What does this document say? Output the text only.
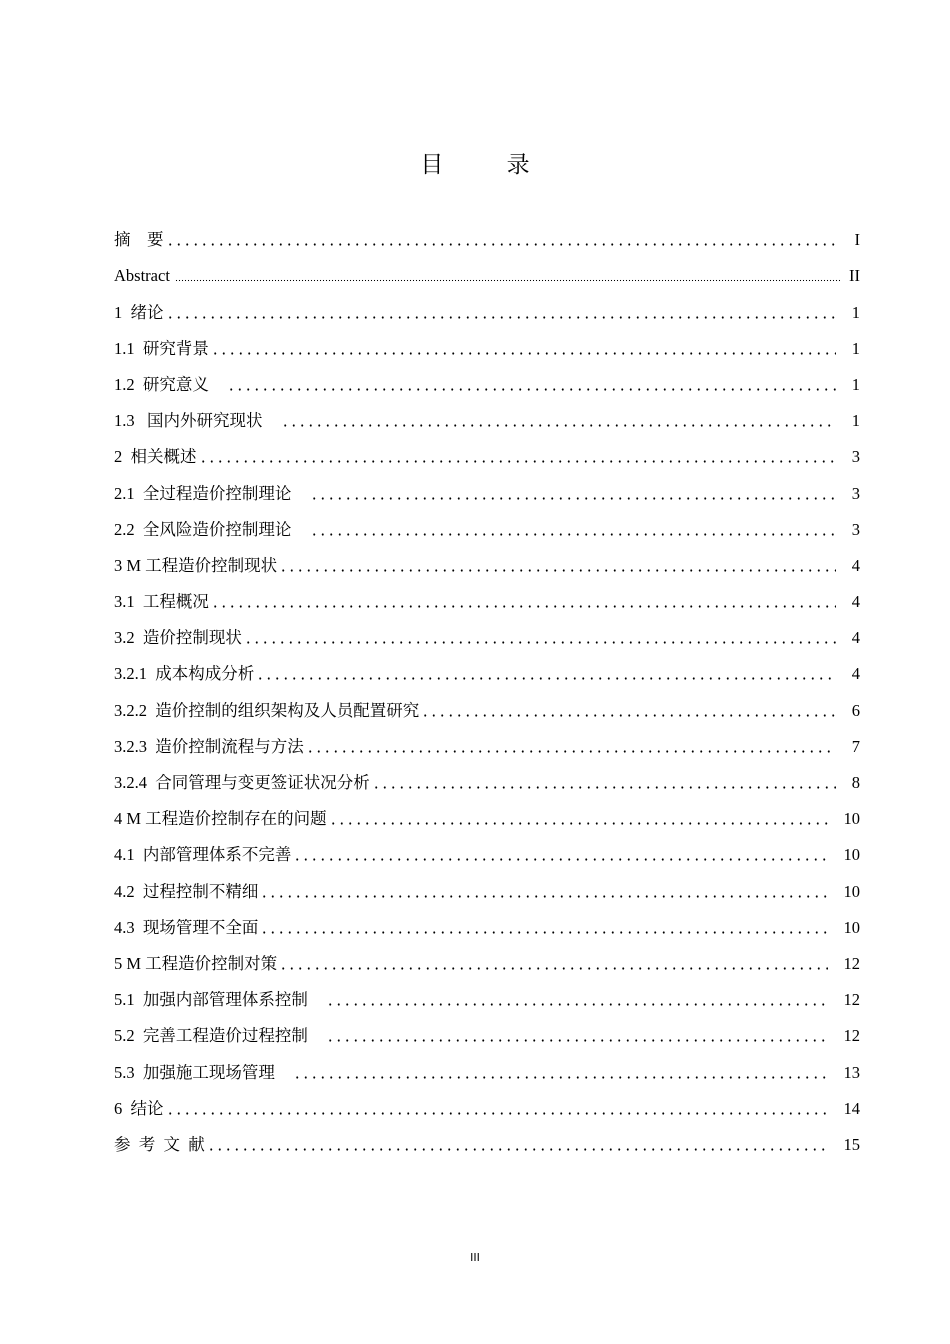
目 录
摘    要	I
Abstract	II
1  绪论	1
1.1  研究背景	1
1.2  研究意义	1
1.3   国内外研究现状	1
2  相关概述	3
2.1  全过程造价控制理论	3
2.2  全风险造价控制理论	3
3 M 工程造价控制现状	4
3.1  工程概况	4
3.2  造价控制现状	4
3.2.1  成本构成分析	4
3.2.2  造价控制的组织架构及人员配置研究	6
3.2.3  造价控制流程与方法	7
3.2.4  合同管理与变更签证状况分析	8
4 M 工程造价控制存在的问题	10
4.1  内部管理体系不完善	10
4.2  过程控制不精细	10
4.3  现场管理不全面	10
5 M 工程造价控制对策	12
5.1  加强内部管理体系控制	12
5.2  完善工程造价过程控制	12
5.3  加强施工现场管理	13
6  结论	14
参  考  文  献	15
III
